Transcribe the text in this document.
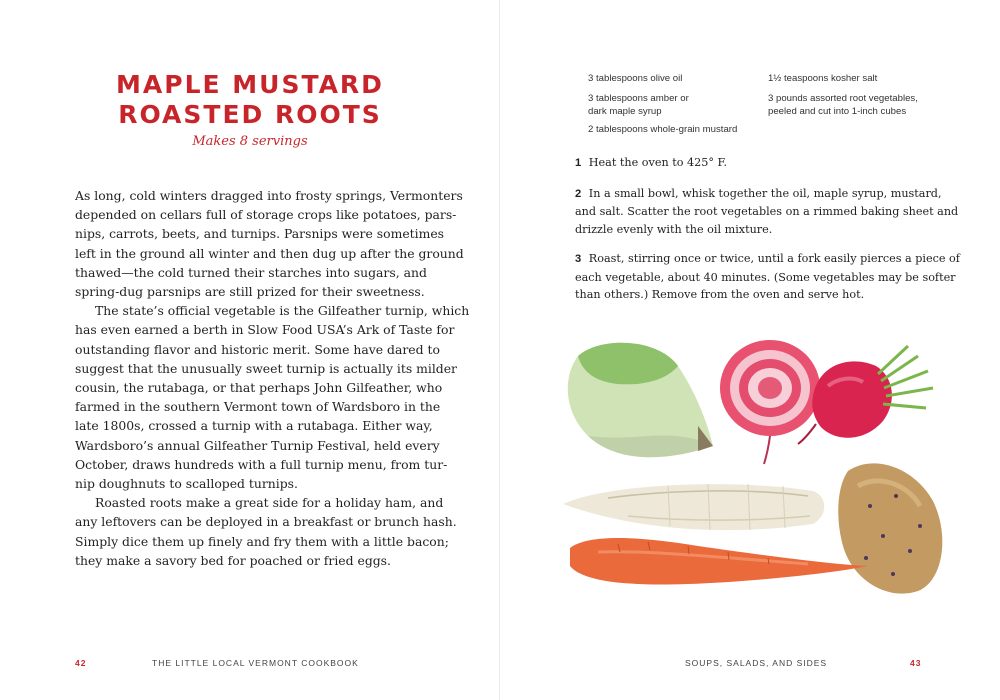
MAPLE MUSTARD
ROASTED ROOTS
Makes 8 servings

As long, cold winters dragged into frosty springs, Vermonters
depended on cellars full of storage crops like potatoes, pars-
nips, carrots, beets, and turnips. Parsnips were sometimes
left in the ground all winter and then dug up after the ground
thawed—the cold turned their starches into sugars, and
spring-dug parsnips are still prized for their sweetness.

The state’s official vegetable is the Gilfeather turnip, which
has even earned a berth in Slow Food USA’s Ark of Taste for
outstanding flavor and historic merit. Some have dared to
suggest that the unusually sweet turnip is actually its milder
cousin, the rutabaga, or that perhaps John Gilfeather, who
farmed in the southern Vermont town of Wardsboro in the
late 1800s, crossed a turnip with a rutabaga. Either way,
Wardsboro’s annual Gilfeather Turnip Festival, held every
October, draws hundreds with a full turnip menu, from tur-
nip doughnuts to scalloped turnips.

Roasted roots make a great side for a holiday ham, and
any leftovers can be deployed in a breakfast or brunch hash.
Simply dice them up finely and fry them with a little bacon;
they make a savory bed for poached or fried eggs.

42	THE LITTLE LOCAL VERMONT COOKBOOK
3 tablespoons olive oil
3 tablespoons amber or
dark maple syrup
2 tablespoons whole-grain mustard
1½ teaspoons kosher salt
3 pounds assorted root vegetables,
peeled and cut into 1-inch cubes
1 Heat the oven to 425° F.
2 In a small bowl, whisk together the oil, maple syrup, mustard,
and salt. Scatter the root vegetables on a rimmed baking sheet and
drizzle evenly with the oil mixture.
3 Roast, stirring once or twice, until a fork easily pierces a piece of
each vegetable, about 40 minutes. (Some vegetables may be softer
than others.) Remove from the oven and serve hot.
SOUPS, SALADS, AND SIDES	43
